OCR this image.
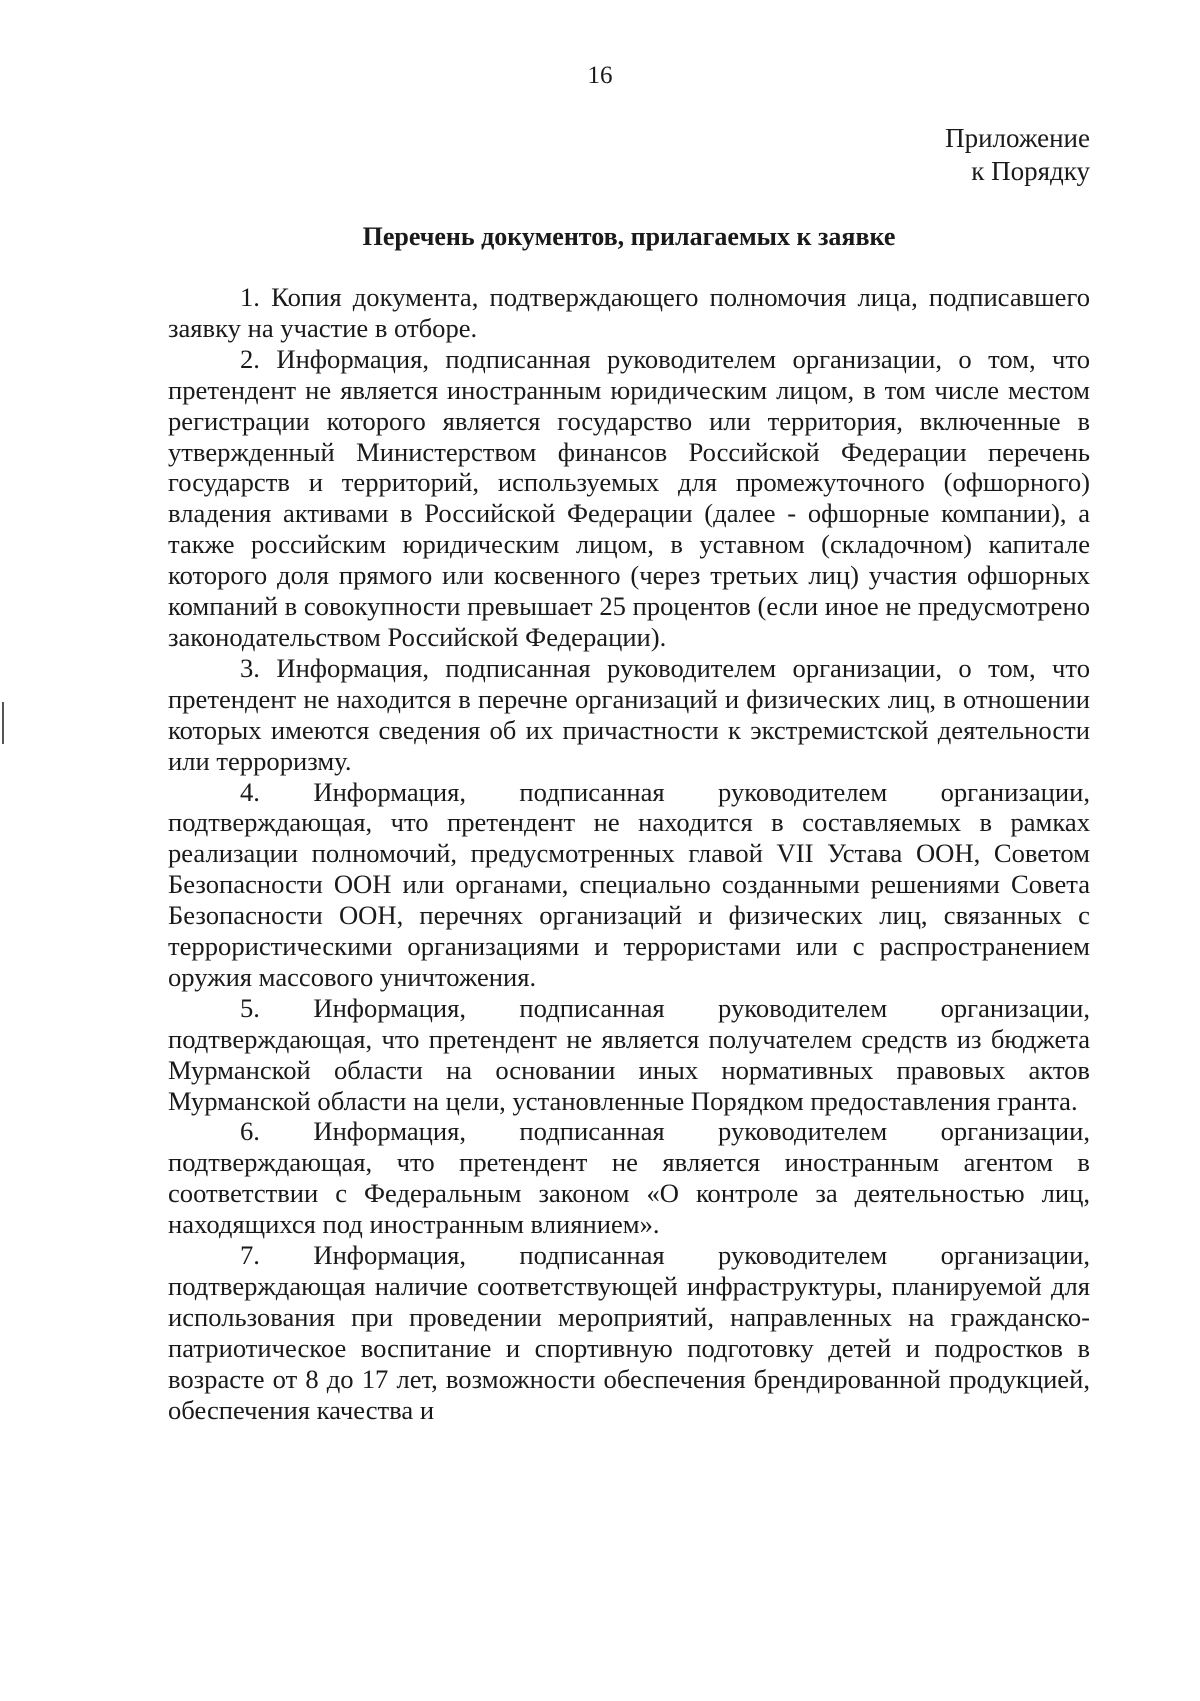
16
Приложение
к Порядку
Перечень документов, прилагаемых к заявке

1. Копия документа, подтверждающего полномочия лица, подписавшего заявку на участие в отборе.

2. Информация, подписанная руководителем организации, о том, что претендент не является иностранным юридическим лицом, в том числе местом регистрации которого является государство или территория, включенные в утвержденный Министерством финансов Российской Федерации перечень государств и территорий, используемых для промежуточного (офшорного) владения активами в Российской Федерации (далее - офшорные компании), а также российским юридическим лицом, в уставном (складочном) капитале которого доля прямого или косвенного (через третьих лиц) участия офшорных компаний в совокупности превышает 25 процентов (если иное не предусмотрено законодательством Российской Федерации).

3. Информация, подписанная руководителем организации, о том, что претендент не находится в перечне организаций и физических лиц, в отношении которых имеются сведения об их причастности к экстремистской деятельности или терроризму.

4. Информация, подписанная руководителем организации, подтверждающая, что претендент не находится в составляемых в рамках реализации полномочий, предусмотренных главой VII Устава ООН, Советом Безопасности ООН или органами, специально созданными решениями Совета Безопасности ООН, перечнях организаций и физических лиц, связанных с террористическими организациями и террористами или с распространением оружия массового уничтожения.

5. Информация, подписанная руководителем организации, подтверждающая, что претендент не является получателем средств из бюджета Мурманской области на основании иных нормативных правовых актов Мурманской области на цели, установленные Порядком предоставления гранта.

6. Информация, подписанная руководителем организации, подтверждающая, что претендент не является иностранным агентом в соответствии с Федеральным законом «О контроле за деятельностью лиц, находящихся под иностранным влиянием».

7. Информация, подписанная руководителем организации, подтверждающая наличие соответствующей инфраструктуры, планируемой для использования при проведении мероприятий, направленных на гражданско-патриотическое воспитание и спортивную подготовку детей и подростков в возрасте от 8 до 17 лет, возможности обеспечения брендированной продукцией, обеспечения качества и
